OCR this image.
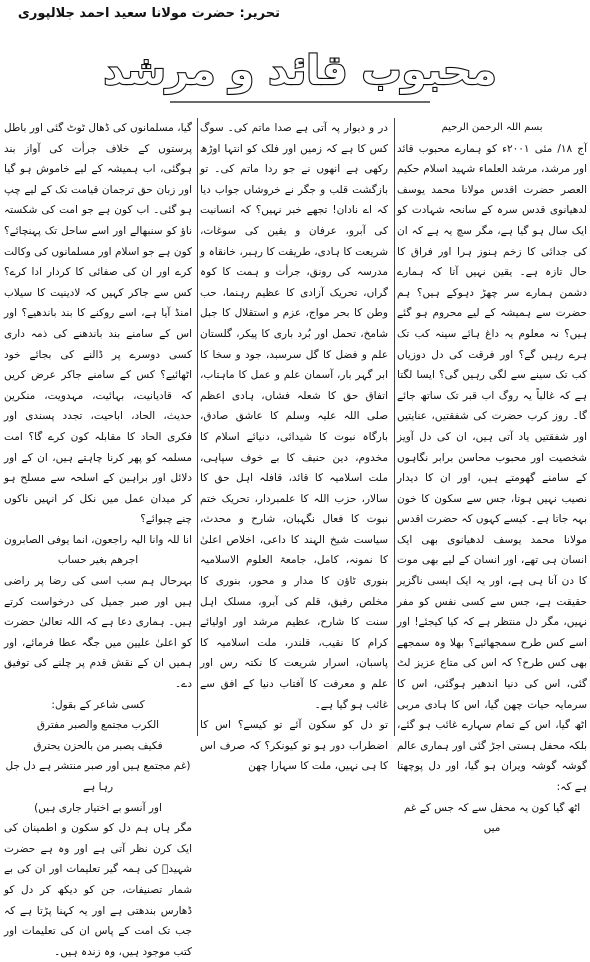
تحریر: حضرت مولانا سعید احمد جلالپوری
محبوب قائد و مرشد

بسم اللہ الرحمن الرحیم

آج ۱۸/ مئی ۲۰۰۱ء کو ہمارے محبوب قائد اور مرشد، مرشد العلماء شہید اسلام حکیم العصر حضرت اقدس مولانا محمد یوسف لدھیانوی قدس سرہ کے سانحہ شہادت کو ایک سال ہو گیا ہے، مگر سچ یہ ہے کہ ان کی جدائی کا زخم ہنوز ہرا اور فراق کا حال تازہ ہے۔ یقین نہیں آتا کہ ہمارے دشمن ہمارے سر چھڑ دہوکے ہیں؟ ہم حضرت سے ہمیشہ کے لیے محروم ہو گئے ہیں؟ نہ معلوم یہ داغ ہائے سینہ کب تک ہرے رہیں گے؟ اور فرقت کی دل دوزیاں کب تک سینے سے لگی رہیں گی؟ ایسا لگتا ہے کہ غالباً یہ روگ اب قبر تک ساتھ جائے گا۔ روز کرب حضرت کی شفقتیں، عنایتیں اور شفقتیں یاد آتی ہیں، ان کی دل آویز شخصیت اور محبوب محاسن برابر نگاہوں کے سامنے گھومتے ہیں، اور ان کا دیدار نصیب نہیں ہوتا، جس سے سکون کا خون بہہ جاتا ہے۔ کیسے کہوں کہ حضرت اقدس مولانا محمد یوسف لدھیانوی بھی ایک انسان ہی تھے، اور انسان کے لیے بھی موت کا دن آنا ہی ہے، اور یہ ایک ایسی ناگزیر حقیقت ہے، جس سے کسی نفس کو مفر نہیں، مگر دل منتظر ہے کہ کیا کیجئے! اور اسے کس طرح سمجھائیے؟ بھلا وہ سمجھے بھی کس طرح؟ کہ اس کی متاع عزیز لٹ گئی، اس کی دنیا اندھیر ہوگئی، اس کا سرمایہ حیات چھن گیا، اس کا ہادی مربی اٹھ گیا، اس کے تمام سہارے غائب ہو گئے، بلکہ محفل ہستی اجڑ گئی اور ہماری عالم گوشہ گوشہ ویران ہو گیا، اور دل پوچھتا ہے کہ:

اٹھ گیا کون یہ محفل سے کہ جس کے غم میں

در و دیوار پہ آتی ہے صدا ماتم کی۔ سوگ کس کا ہے کہ زمیں اور فلک کو انتہا اوڑھ رکھی ہے انھوں نے جو ردا ماتم کی۔ تو بازگشت قلب و جگر نے خروشاں جواب دیا کہ اے نادان! تجھے خبر نہیں؟ کہ انسانیت کی آبرو، عرفان و یقین کی سوغات، شریعت کا ہادی، طریقت کا رہبر، خانقاہ و مدرسہ کی رونق، جرأت و ہمت کا کوہ گراں، تحریک آزادی کا عظیم رہنما، حب وطن کا بحر مواج، عزم و استقلال کا جبل شامخ، تحمل اور بُرد باری کا پیکر، گلستان علم و فضل کا گل سرسبد، جود و سخا کا ابر گہر بار، آسمان علم و عمل کا ماہتاب، اتفاق حق کا شعلہ فشاں، ہادی اعظم صلی اللہ علیہ وسلم کا عاشق صادق، بارگاہ نبوت کا شیدائی، دنیائے اسلام کا مخدوم، دین حنیف کا بے خوف سپاہی، ملت اسلامیہ کا قائد، قافلہ اہل حق کا سالار، حزب اللہ کا علمبردار، تحریک ختم نبوت کا فعال نگہبان، شارح و محدث، سیاست شیخ الہند کا داعی، اخلاص اعلیٰ کا نمونہ، کامل، جامعۃ العلوم الاسلامیہ بنوری ٹاؤن کا مدار و محور، بنوری کا مخلص رفیق، قلم کی آبرو، مسلک اہل سنت کا شارح، عظیم مرشد اور اولیائے کرام کا نقیب، قلندر، ملت اسلامیہ کا پاسبان، اسرار شریعت کا نکتہ رس اور علم و معرفت کا آفتاب دنیا کے افق سے غائب ہو گیا ہے۔

تو دل کو سکون آئے تو کیسے؟ اس کا اضطراب دور ہو تو کیونکر؟ کہ صرف اس کا ہی نہیں، ملت کا سہارا چھن

گیا، مسلمانوں کی ڈھال ٹوٹ گئی اور باطل پرستوں کے خلاف جرأت کی آواز بند ہوگئی، اب ہمیشہ کے لیے خاموش ہو گیا اور زبان حق ترجمان قیامت تک کے لیے چپ ہو گئی۔ اب کون ہے جو امت کی شکستہ ناؤ کو سنبھالے اور اسے ساحل تک پہنچائے؟ کون ہے جو اسلام اور مسلمانوں کی وکالت کرے اور ان کی صفائی کا کردار ادا کرے؟ کس سے جاکر کہیں کہ لادینیت کا سیلاب امنڈ آیا ہے، اسے روکنے کا بند باندھیے؟ اور اس کے سامنے بند باندھنے کی ذمہ داری کسی دوسرے پر ڈالنے کی بجائے خود اٹھائیے؟ کس کے سامنے جاکر عرض کریں کہ قادیانیت، بہائیت، مہدویت، منکرین حدیث، الحاد، اباحیت، تجدد پسندی اور فکری الحاد کا مقابلہ کون کرے گا؟ امت مسلمہ کو پھر کرنا چاہتے ہیں، ان کے اور دلائل اور براہین کے اسلحہ سے مسلح ہو کر میدان عمل میں نکل کر انہیں ناکوں چنے چبوائے؟

انا للہ وانا الیہ راجعون، انما یوفی الصابرون اجرھم بغیر حساب

بہرحال ہم سب اسی کی رضا پر راضی ہیں اور صبر جمیل کی درخواست کرتے ہیں۔ ہماری دعا ہے کہ اللہ تعالیٰ حضرت کو اعلیٰ علیین میں جگہ عطا فرمائے، اور ہمیں ان کے نقش قدم پر چلنے کی توفیق دے۔

کسی شاعر کے بقول:

الکرب مجتمع والصبر مفترق

فکیف یصبر من بالحزن یحترق

(غم مجتمع ہیں اور صبر منتشر ہے دل جل رہا ہے

اور آنسو بے اختیار جاری ہیں)

مگر ہاں ہم دل کو سکون و اطمینان کی ایک کرن نظر آتی ہے اور وہ ہے حضرت شہیدؒ کی ہمہ گیر تعلیمات اور ان کی بے شمار تصنیفات، جن کو دیکھ کر دل کو ڈھارس بندھتی ہے اور یہ کہنا پڑتا ہے کہ جب تک امت کے پاس ان کی تعلیمات اور کتب موجود ہیں، وہ زندہ ہیں۔
